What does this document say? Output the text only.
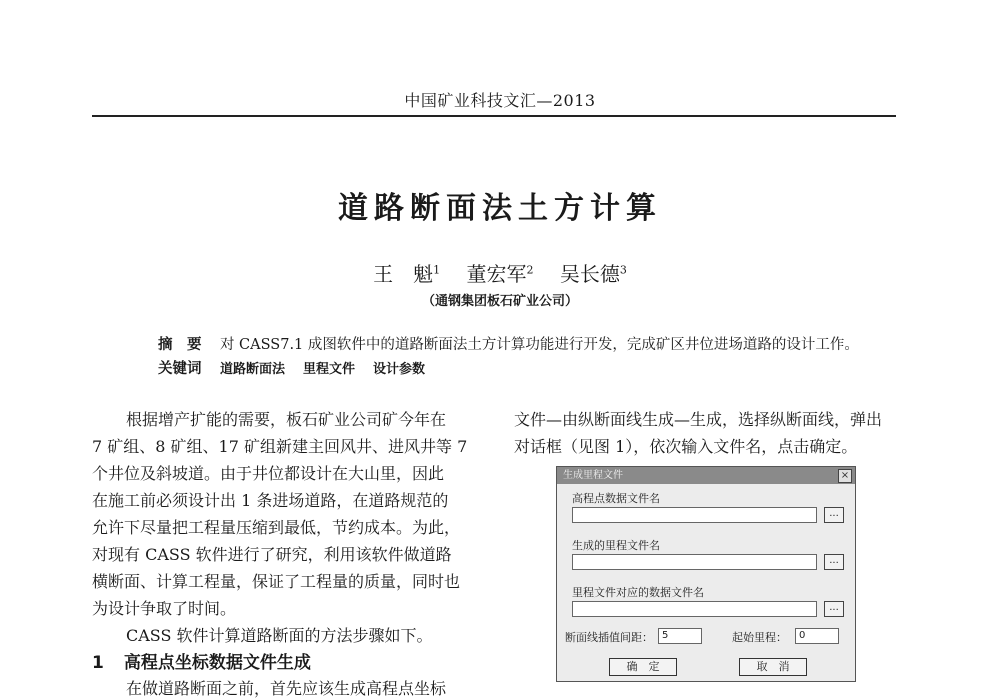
中国矿业科技文汇—2013
道路断面法土方计算
王　魁$^1$ 董宏军$^2$ 吴长德$^3$
（通钢集团板石矿业公司）
摘　要 对 CASS7.1 成图软件中的道路断面法土方计算功能进行开发，完成矿区井位进场道路的设计工作。
关键词 道路断面法 里程文件 设计参数
根据增产扩能的需要，板石矿业公司矿今年在
7 矿组、8 矿组、17 矿组新建主回风井、进风井等 7
个井位及斜坡道。由于井位都设计在大山里，因此
在施工前必须设计出 1 条进场道路，在道路规范的
允许下尽量把工程量压缩到最低，节约成本。为此，
对现有 CASS 软件进行了研究，利用该软件做道路
横断面、计算工程量，保证了工程量的质量，同时也
为设计争取了时间。
CASS 软件计算道路断面的方法步骤如下。
1 高程点坐标数据文件生成
在做道路断面之前，首先应该生成高程点坐标
文件—由纵断面线生成—生成，选择纵断面线，弹出
对话框（见图 1），依次输入文件名，点击确定。
生成里程文件	×
高程点数据文件名
...
生成的里程文件名
...
里程文件对应的数据文件名
...
断面线插值间距： 5	起始里程：	0
确　定	取　消
